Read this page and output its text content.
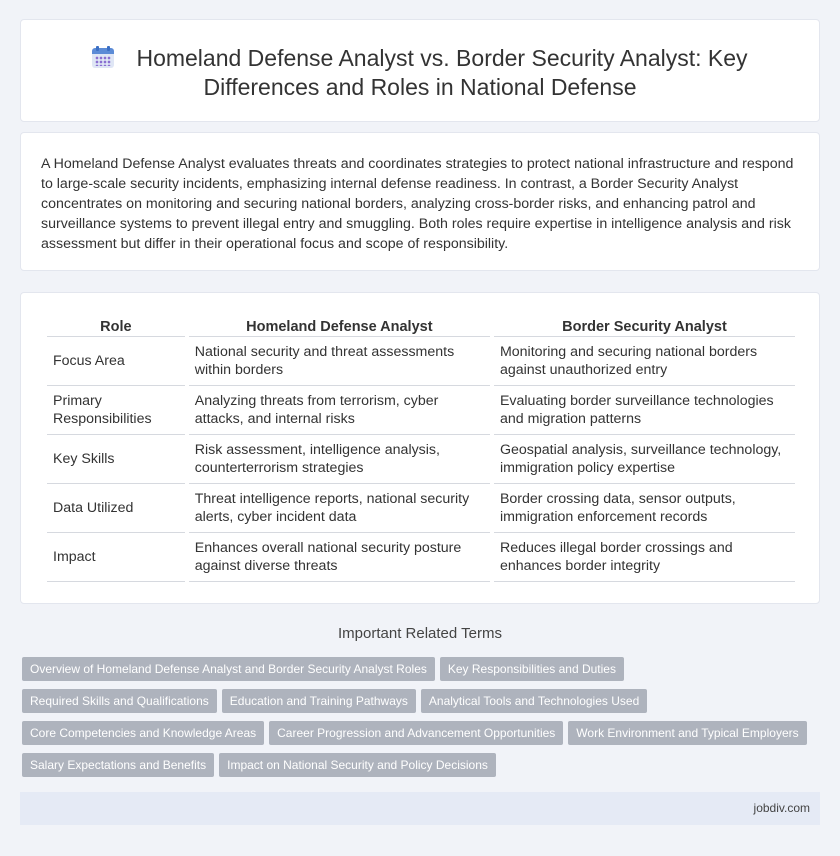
Homeland Defense Analyst vs. Border Security Analyst: Key
Differences and Roles in National Defense

A Homeland Defense Analyst evaluates threats and coordinates strategies to protect national infrastructure and respond to large-scale security incidents, emphasizing internal defense readiness. In contrast, a Border Security Analyst concentrates on monitoring and securing national borders, analyzing cross-border risks, and enhancing patrol and surveillance systems to prevent illegal entry and smuggling. Both roles require expertise in intelligence analysis and risk assessment but differ in their operational focus and scope of responsibility.

Role	Homeland Defense Analyst	Border Security Analyst
Focus Area	National security and threat assessments within borders	Monitoring and securing national borders against unauthorized entry
Primary Responsibilities	Analyzing threats from terrorism, cyber attacks, and internal risks	Evaluating border surveillance technologies and migration patterns
Key Skills	Risk assessment, intelligence analysis, counterterrorism strategies	Geospatial analysis, surveillance technology, immigration policy expertise
Data Utilized	Threat intelligence reports, national security alerts, cyber incident data	Border crossing data, sensor outputs, immigration enforcement records
Impact	Enhances overall national security posture against diverse threats	Reduces illegal border crossings and enhances border integrity
Important Related Terms
Overview of Homeland Defense Analyst and Border Security Analyst Roles Key Responsibilities and Duties
Required Skills and Qualifications Education and Training Pathways Analytical Tools and Technologies Used
Core Competencies and Knowledge Areas Career Progression and Advancement Opportunities Work Environment and Typical Employers
Salary Expectations and Benefits Impact on National Security and Policy Decisions
jobdiv.com
